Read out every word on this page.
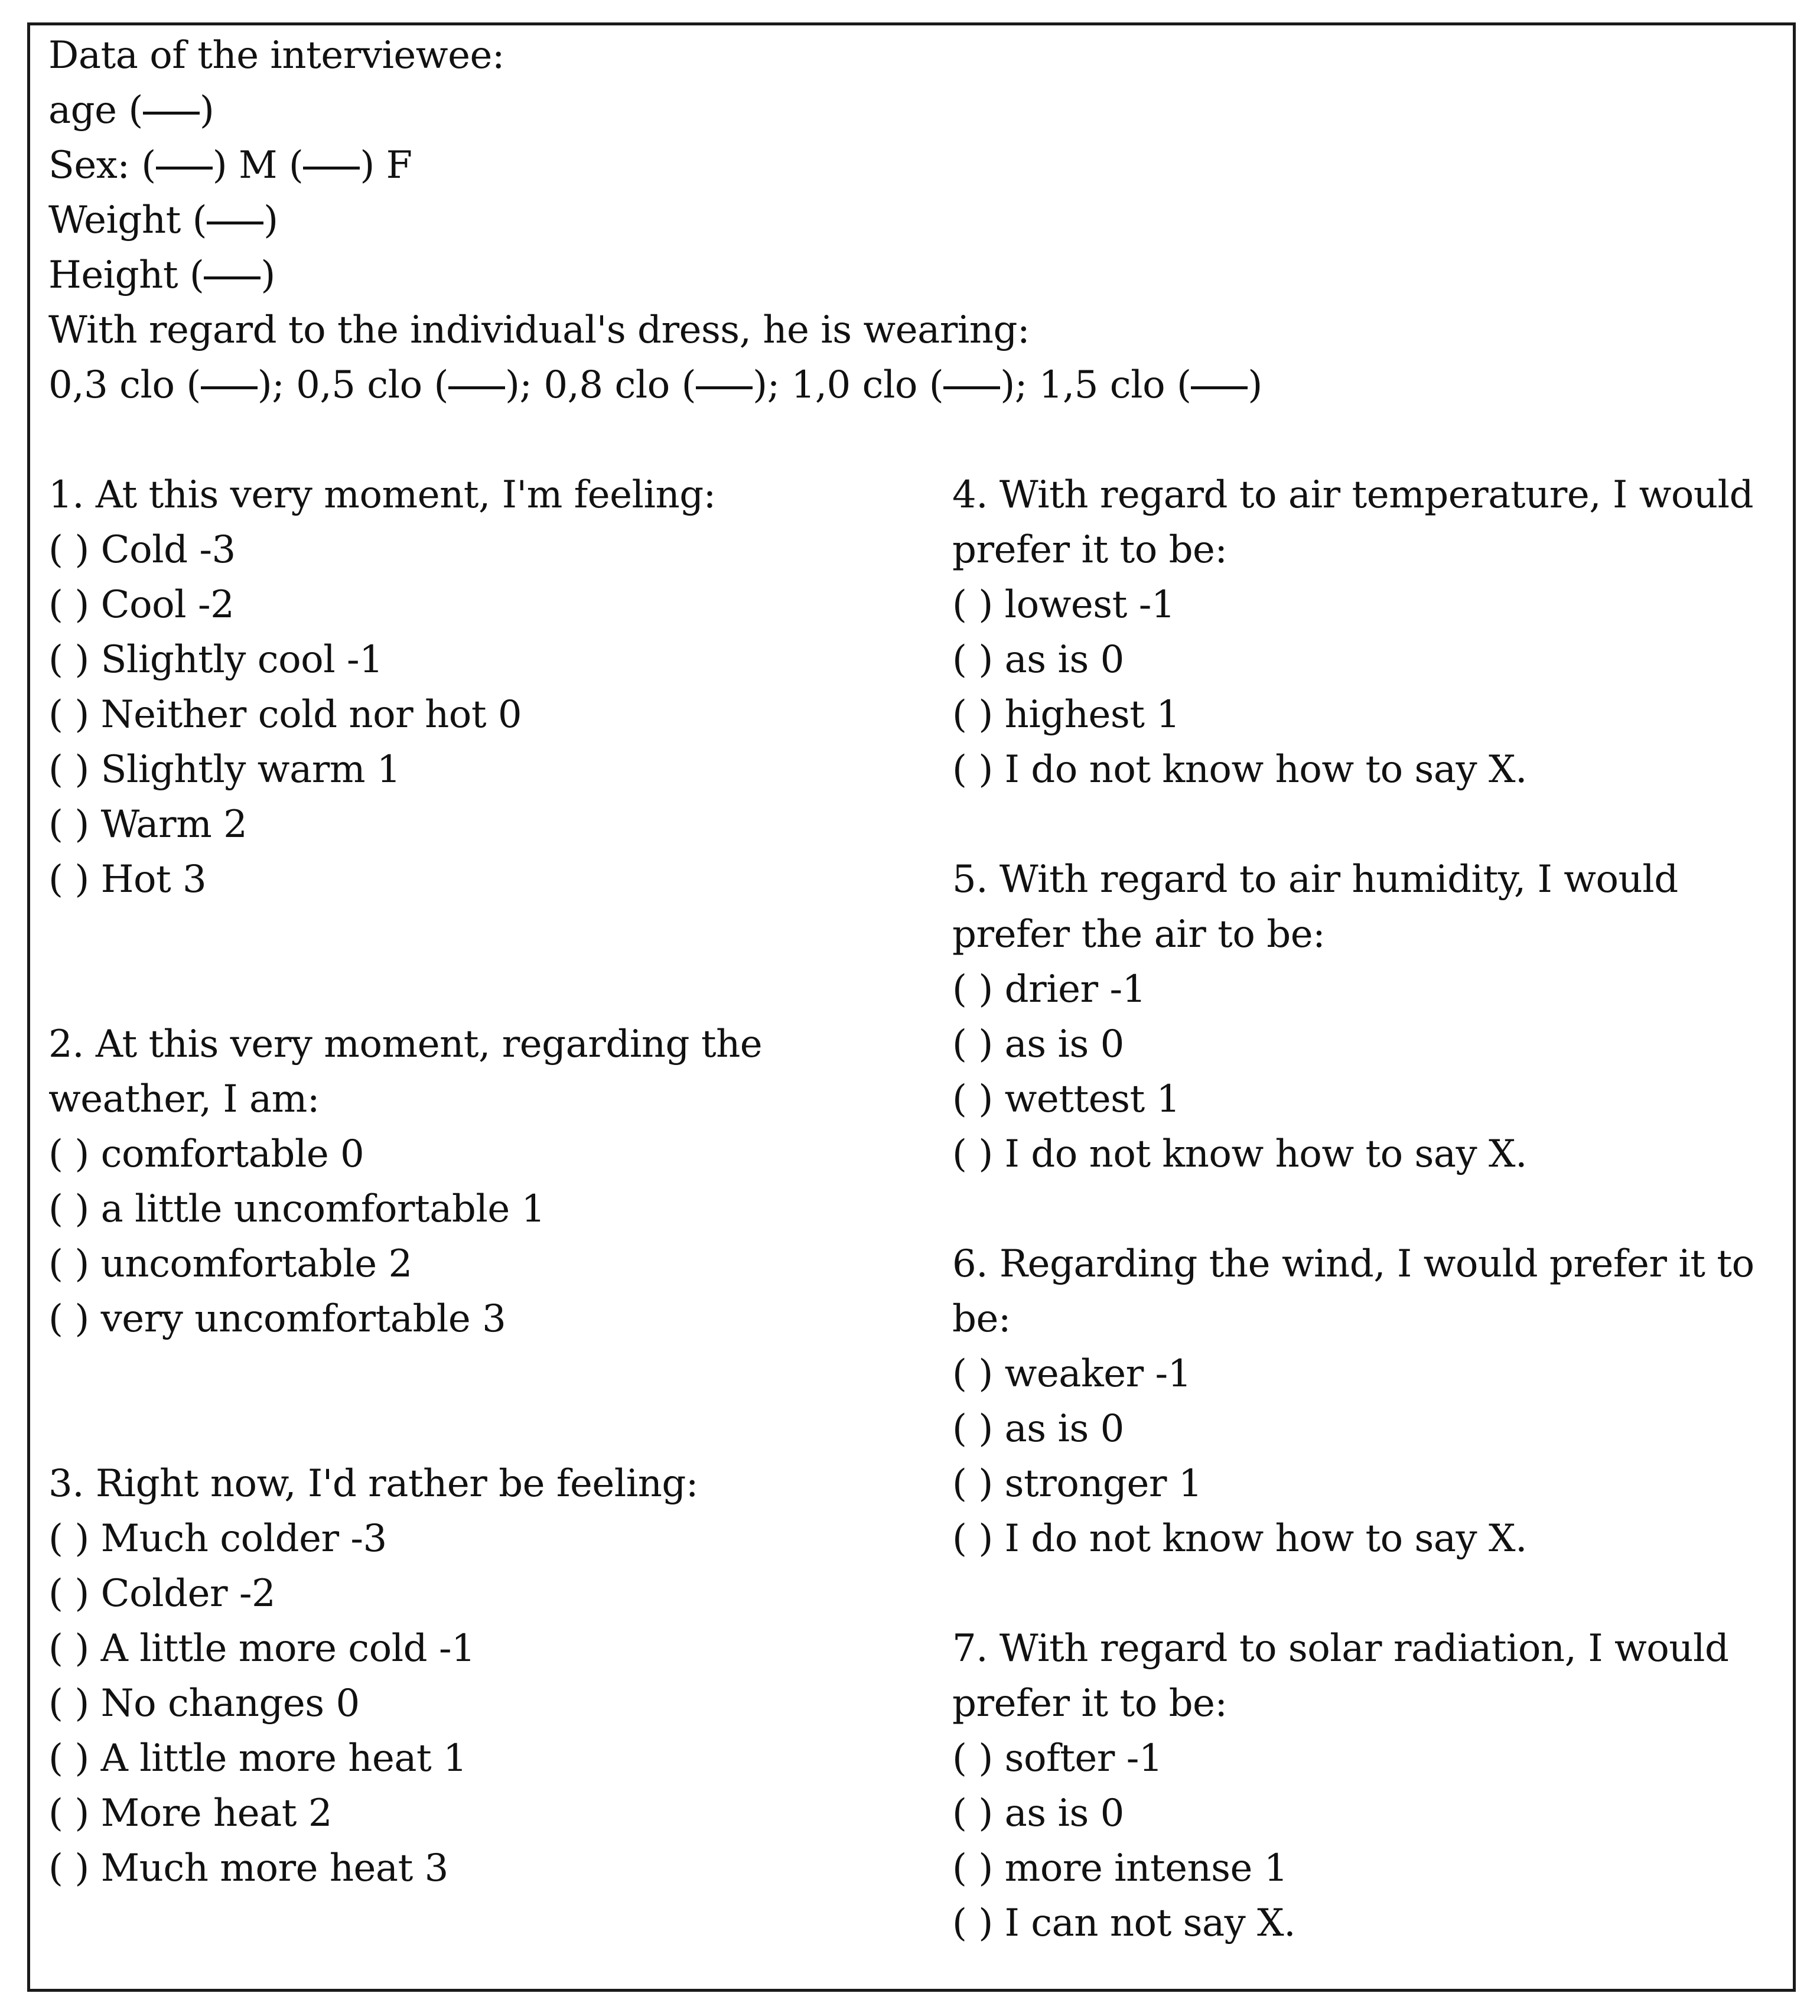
Data of the interviewee:
age ( )
Sex: ( ) M ( ) F
Weight ( )
Height ( )
With regard to the individual's dress, he is wearing:
0,3 clo ( ); 0,5 clo ( ); 0,8 clo ( ); 1,0 clo ( ); 1,5 clo ( )
1. At this very moment, I'm feeling:
( ) Cold -3
( ) Cool -2
( ) Slightly cool -1
( ) Neither cold nor hot 0
( ) Slightly warm 1
( ) Warm 2
( ) Hot 3
2. At this very moment, regarding the
weather, I am:
( ) comfortable 0
( ) a little uncomfortable 1
( ) uncomfortable 2
( ) very uncomfortable 3
3. Right now, I'd rather be feeling:
( ) Much colder -3
( ) Colder -2
( ) A little more cold -1
( ) No changes 0
( ) A little more heat 1
( ) More heat 2
( ) Much more heat 3
4. With regard to air temperature, I would
prefer it to be:
( ) lowest -1
( ) as is 0
( ) highest 1
( ) I do not know how to say X.
5. With regard to air humidity, I would
prefer the air to be:
( ) drier -1
( ) as is 0
( ) wettest 1
( ) I do not know how to say X.
6. Regarding the wind, I would prefer it to
be:
( ) weaker -1
( ) as is 0
( ) stronger 1
( ) I do not know how to say X.
7. With regard to solar radiation, I would
prefer it to be:
( ) softer -1
( ) as is 0
( ) more intense 1
( ) I can not say X.
